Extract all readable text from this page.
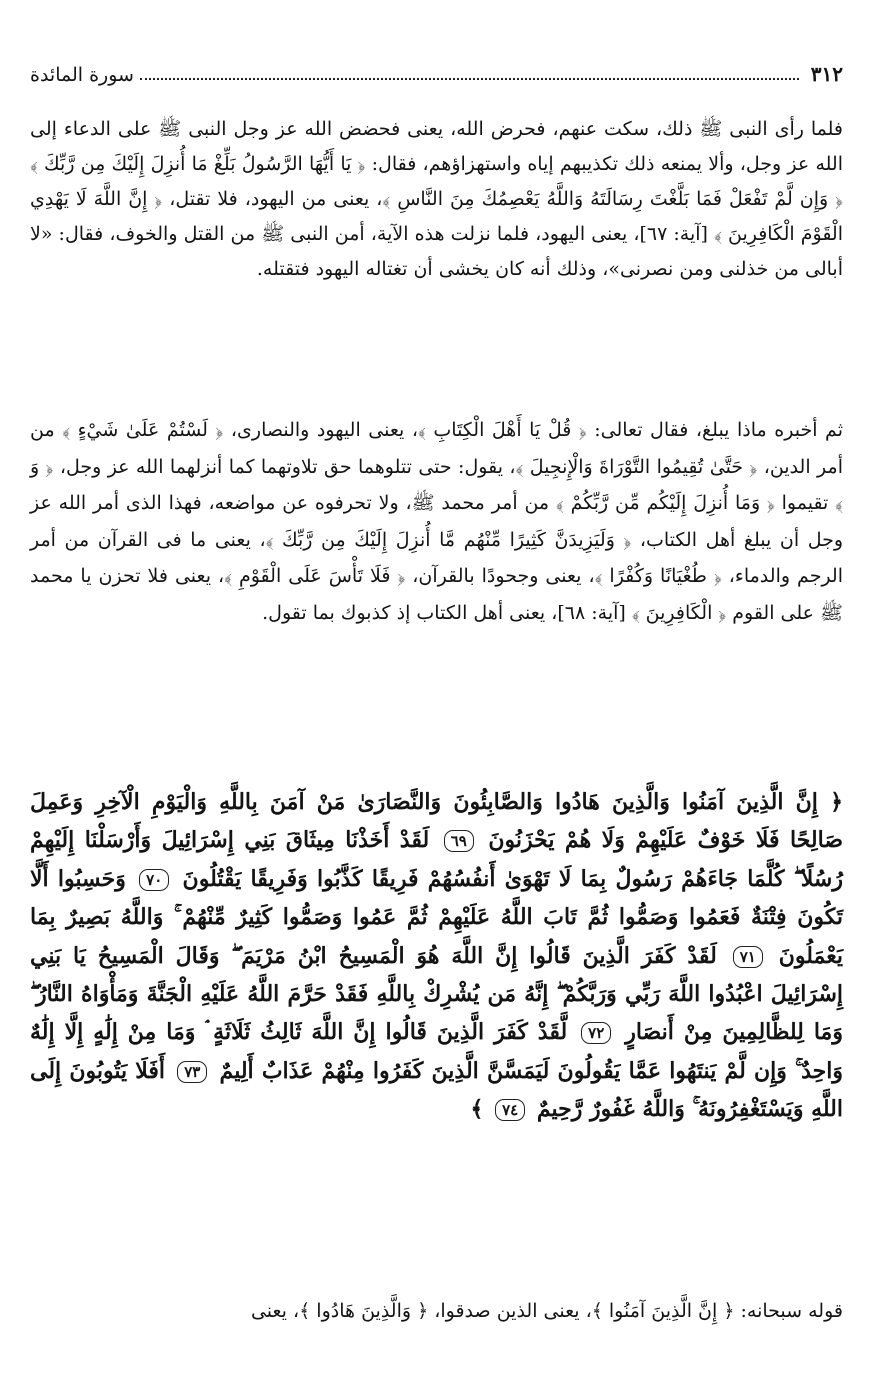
٣١٢
سورة المائدة

فلما رأى النبى ﷺ ذلك، سكت عنهم، فحرض الله، يعنى فحضض الله عز وجل النبى ﷺ على الدعاء إلى الله عز وجل، وألا يمنعه ذلك تكذيبهم إياه واستهزاؤهم، فقال: ﴿ يَا أَيُّهَا الرَّسُولُ بَلِّغْ مَا أُنزِلَ إِلَيْكَ مِن رَّبِّكَ ﴾ ﴿ وَإِن لَّمْ تَفْعَلْ فَمَا بَلَّغْتَ رِسَالَتَهُ وَاللَّهُ يَعْصِمُكَ مِنَ النَّاسِ ﴾، يعنى من اليهود، فلا تقتل، ﴿ إِنَّ اللَّهَ لَا يَهْدِي الْقَوْمَ الْكَافِرِينَ ﴾ [آية: ٦٧]، يعنى اليهود، فلما نزلت هذه الآية، أمن النبى ﷺ من القتل والخوف، فقال: «لا أبالى من خذلنى ومن نصرنى»، وذلك أنه كان يخشى أن تغتاله اليهود فتقتله.

ثم أخبره ماذا يبلغ، فقال تعالى: ﴿ قُلْ يَا أَهْلَ الْكِتَابِ ﴾، يعنى اليهود والنصارى، ﴿ لَسْتُمْ عَلَىٰ شَيْءٍ ﴾ من أمر الدين، ﴿ حَتَّىٰ تُقِيمُوا التَّوْرَاةَ وَالْإِنجِيلَ ﴾، يقول: حتى تتلوهما حق تلاوتهما كما أنزلهما الله عز وجل، ﴿ وَ ﴾ تقيموا ﴿ وَمَا أُنزِلَ إِلَيْكُم مِّن رَّبِّكُمْ ﴾ من أمر محمد ﷺ، ولا تحرفوه عن مواضعه، فهذا الذى أمر الله عز وجل أن يبلغ أهل الكتاب، ﴿ وَلَيَزِيدَنَّ كَثِيرًا مِّنْهُم مَّا أُنزِلَ إِلَيْكَ مِن رَّبِّكَ ﴾، يعنى ما فى القرآن من أمر الرجم والدماء، ﴿ طُغْيَانًا وَكُفْرًا ﴾، يعنى وجحودًا بالقرآن، ﴿ فَلَا تَأْسَ عَلَى الْقَوْمِ ﴾، يعنى فلا تحزن يا محمد ﷺ على القوم ﴿ الْكَافِرِينَ ﴾ [آية: ٦٨]، يعنى أهل الكتاب إذ كذبوك بما تقول.

﴿ إِنَّ الَّذِينَ آمَنُوا وَالَّذِينَ هَادُوا وَالصَّابِئُونَ وَالنَّصَارَىٰ مَنْ آمَنَ بِاللَّهِ وَالْيَوْمِ الْآخِرِ وَعَمِلَ صَالِحًا فَلَا خَوْفٌ عَلَيْهِمْ وَلَا هُمْ يَحْزَنُونَ ٦٩ لَقَدْ أَخَذْنَا مِيثَاقَ بَنِي إِسْرَائِيلَ وَأَرْسَلْنَا إِلَيْهِمْ رُسُلًا ۖ كُلَّمَا جَاءَهُمْ رَسُولٌ بِمَا لَا تَهْوَىٰ أَنفُسُهُمْ فَرِيقًا كَذَّبُوا وَفَرِيقًا يَقْتُلُونَ ٧٠ وَحَسِبُوا أَلَّا تَكُونَ فِتْنَةٌ فَعَمُوا وَصَمُّوا ثُمَّ تَابَ اللَّهُ عَلَيْهِمْ ثُمَّ عَمُوا وَصَمُّوا كَثِيرٌ مِّنْهُمْ ۚ وَاللَّهُ بَصِيرٌ بِمَا يَعْمَلُونَ ٧١ لَقَدْ كَفَرَ الَّذِينَ قَالُوا إِنَّ اللَّهَ هُوَ الْمَسِيحُ ابْنُ مَرْيَمَ ۖ وَقَالَ الْمَسِيحُ يَا بَنِي إِسْرَائِيلَ اعْبُدُوا اللَّهَ رَبِّي وَرَبَّكُمْ ۖ إِنَّهُ مَن يُشْرِكْ بِاللَّهِ فَقَدْ حَرَّمَ اللَّهُ عَلَيْهِ الْجَنَّةَ وَمَأْوَاهُ النَّارُ ۖ وَمَا لِلظَّالِمِينَ مِنْ أَنصَارٍ ٧٢ لَّقَدْ كَفَرَ الَّذِينَ قَالُوا إِنَّ اللَّهَ ثَالِثُ ثَلَاثَةٍ ۘ وَمَا مِنْ إِلَٰهٍ إِلَّا إِلَٰهٌ وَاحِدٌ ۚ وَإِن لَّمْ يَنتَهُوا عَمَّا يَقُولُونَ لَيَمَسَّنَّ الَّذِينَ كَفَرُوا مِنْهُمْ عَذَابٌ أَلِيمٌ ٧٣ أَفَلَا يَتُوبُونَ إِلَى اللَّهِ وَيَسْتَغْفِرُونَهُ ۚ وَاللَّهُ غَفُورٌ رَّحِيمٌ ٧٤ ﴾

قوله سبحانه: ﴿ إِنَّ الَّذِينَ آمَنُوا ﴾، يعنى الذين صدقوا، ﴿ وَالَّذِينَ هَادُوا ﴾، يعنى
